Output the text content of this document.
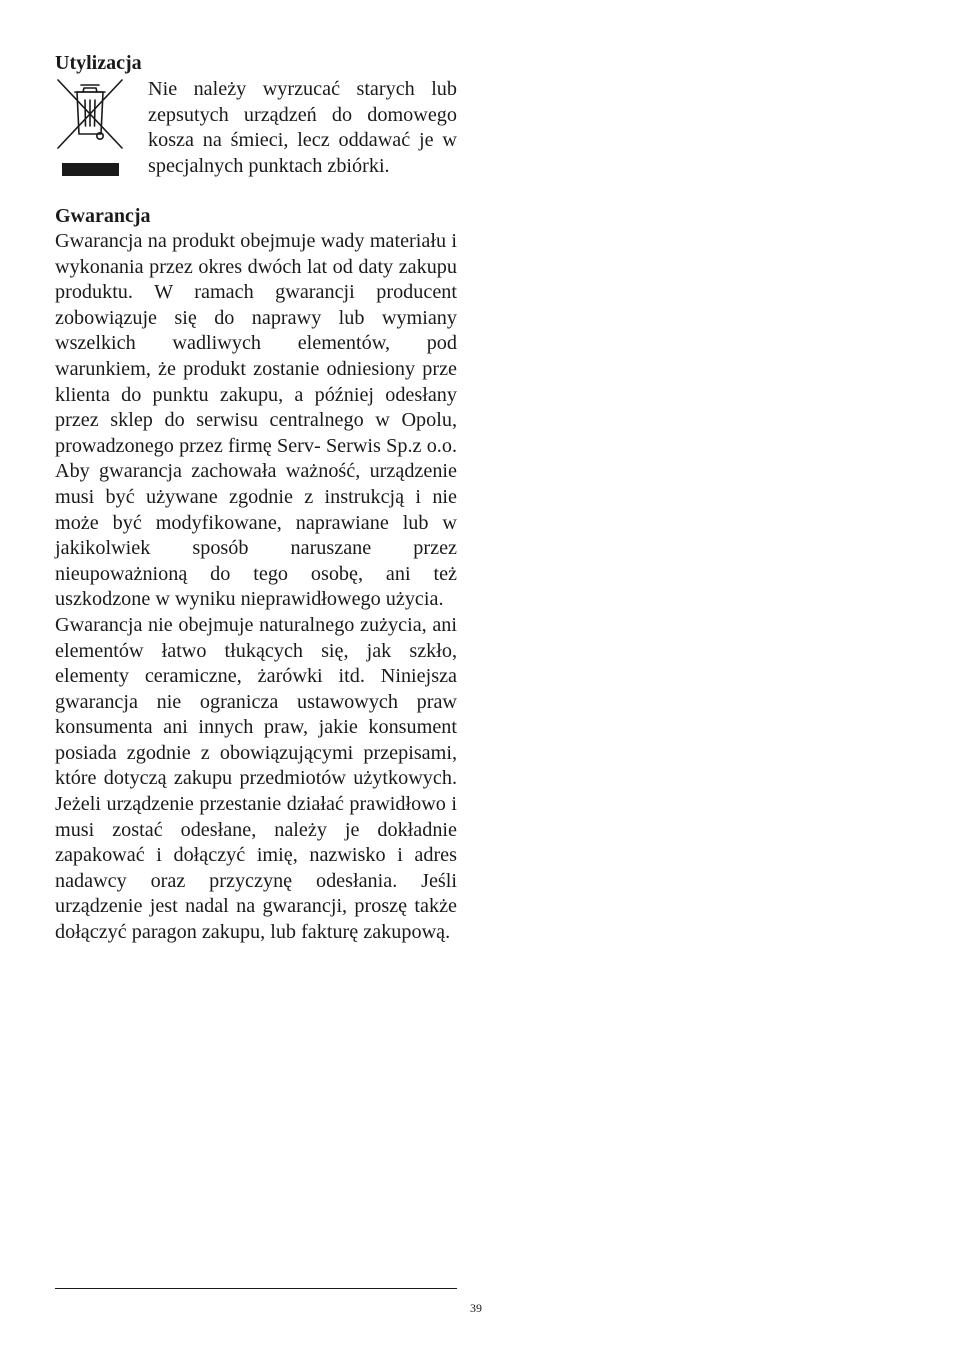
Utylizacja

Nie należy wyrzucać starych lub zepsutych urządzeń do domowego kosza na śmieci, lecz oddawać je w specjalnych punktach zbiórki.

Gwarancja

Gwarancja na produkt obejmuje wady materiału i wykonania przez okres dwóch lat od daty zakupu produktu. W ramach gwarancji producent zobowiązuje się do naprawy lub wymiany wszelkich wadliwych elementów, pod warunkiem, że produkt zostanie odniesiony prze klienta do punktu zakupu, a później odesłany przez sklep do serwisu centralnego w Opolu, prowadzonego przez firmę Serv- Serwis Sp.z o.o. Aby gwarancja zachowała ważność, urządzenie musi być używane zgodnie z instrukcją i nie może być modyfikowane, naprawiane lub w jakikolwiek sposób naruszane przez nieupoważnioną do tego osobę, ani też uszkodzone w wyniku nieprawidłowego użycia.

Gwarancja nie obejmuje naturalnego zużycia, ani elementów łatwo tłukących się, jak szkło, elementy ceramiczne, żarówki itd. Niniejsza gwarancja nie ogranicza ustawowych praw konsumenta ani innych praw, jakie konsument posiada zgodnie z obowiązującymi przepisami, które dotyczą zakupu przedmiotów użytkowych. Jeżeli urządzenie przestanie działać prawidłowo i musi zostać odesłane, należy je dokładnie zapakować i dołączyć imię, nazwisko i adres nadawcy oraz przyczynę odesłania. Jeśli urządzenie jest nadal na gwarancji, proszę także dołączyć paragon zakupu, lub fakturę zakupową.

39
